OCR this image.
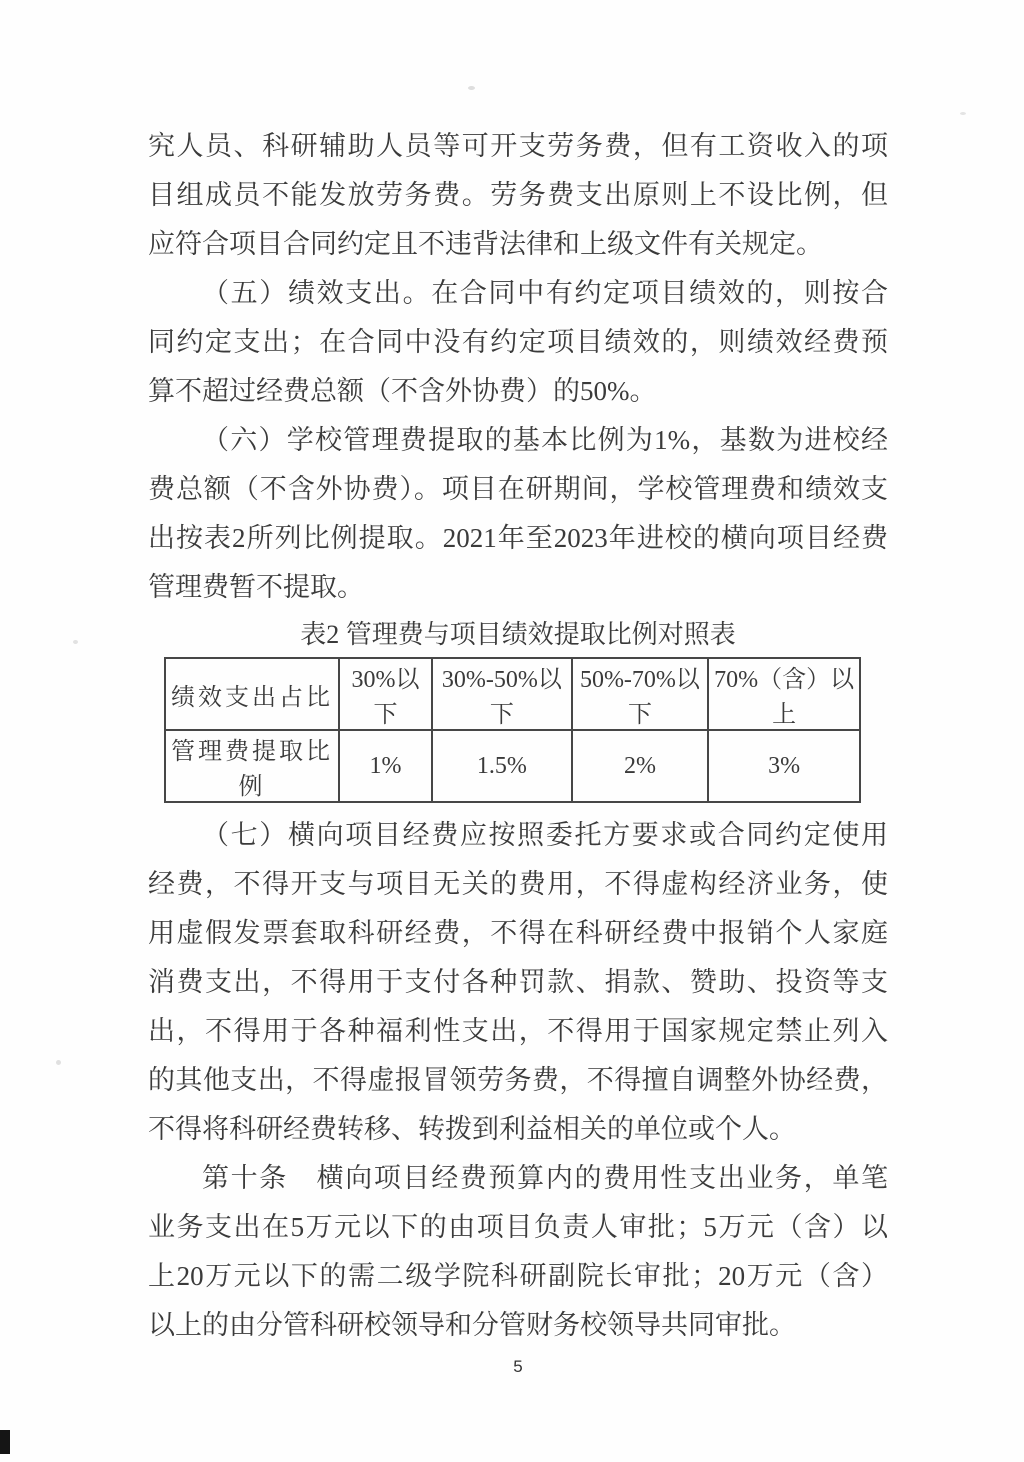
究人员、科研辅助人员等可开支劳务费，但有工资收入的项
目组成员不能发放劳务费。劳务费支出原则上不设比例，但
应符合项目合同约定且不违背法律和上级文件有关规定。
（五）绩效支出。在合同中有约定项目绩效的，则按合
同约定支出；在合同中没有约定项目绩效的，则绩效经费预
算不超过经费总额（不含外协费）的50%。
（六）学校管理费提取的基本比例为1%，基数为进校经
费总额（不含外协费）。项目在研期间，学校管理费和绩效支
出按表2所列比例提取。2021年至2023年进校的横向项目经费
管理费暂不提取。
表2 管理费与项目绩效提取比例对照表
绩效支出占比	30%以下	30%-50%以下	50%-70%以下	70%（含）以上
管理费提取比例	1%	1.5%	2%	3%
（七）横向项目经费应按照委托方要求或合同约定使用
经费，不得开支与项目无关的费用，不得虚构经济业务，使
用虚假发票套取科研经费，不得在科研经费中报销个人家庭
消费支出，不得用于支付各种罚款、捐款、赞助、投资等支
出，不得用于各种福利性支出，不得用于国家规定禁止列入
的其他支出，不得虚报冒领劳务费，不得擅自调整外协经费，
不得将科研经费转移、转拨到利益相关的单位或个人。
第十条　横向项目经费预算内的费用性支出业务，单笔
业务支出在5万元以下的由项目负责人审批；5万元（含）以
上20万元以下的需二级学院科研副院长审批；20万元（含）
以上的由分管科研校领导和分管财务校领导共同审批。
5
